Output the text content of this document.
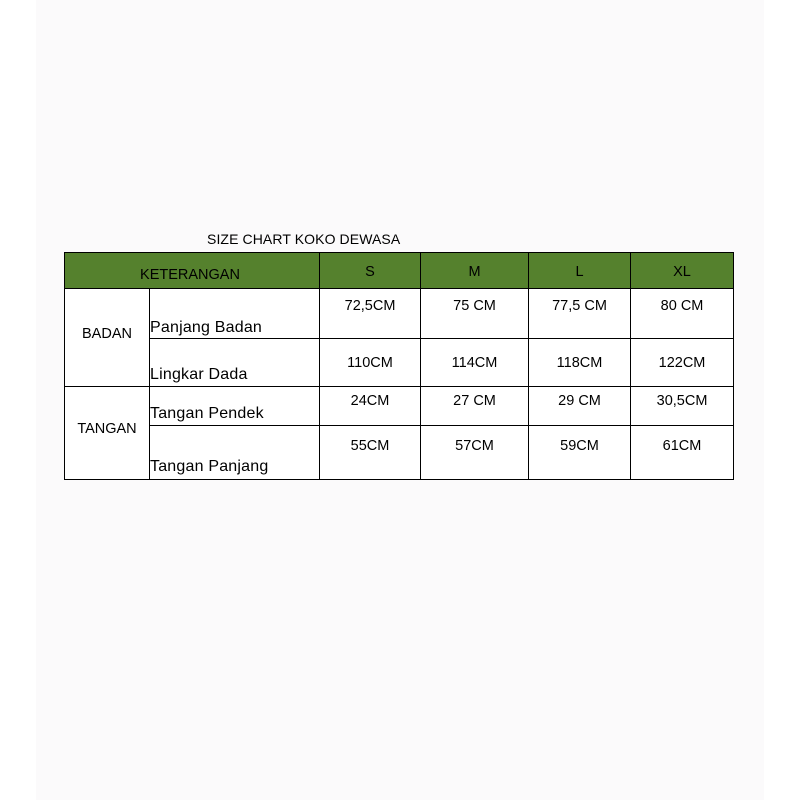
SIZE CHART KOKO DEWASA
KETERANGAN		S	M	L	XL
BADAN	Panjang Badan	72,5CM	75 CM	77,5 CM	80 CM
	Lingkar Dada	110CM	114CM	118CM	122CM
TANGAN	Tangan Pendek	24CM	27 CM	29 CM	30,5CM
	Tangan Panjang	55CM	57CM	59CM	61CM
